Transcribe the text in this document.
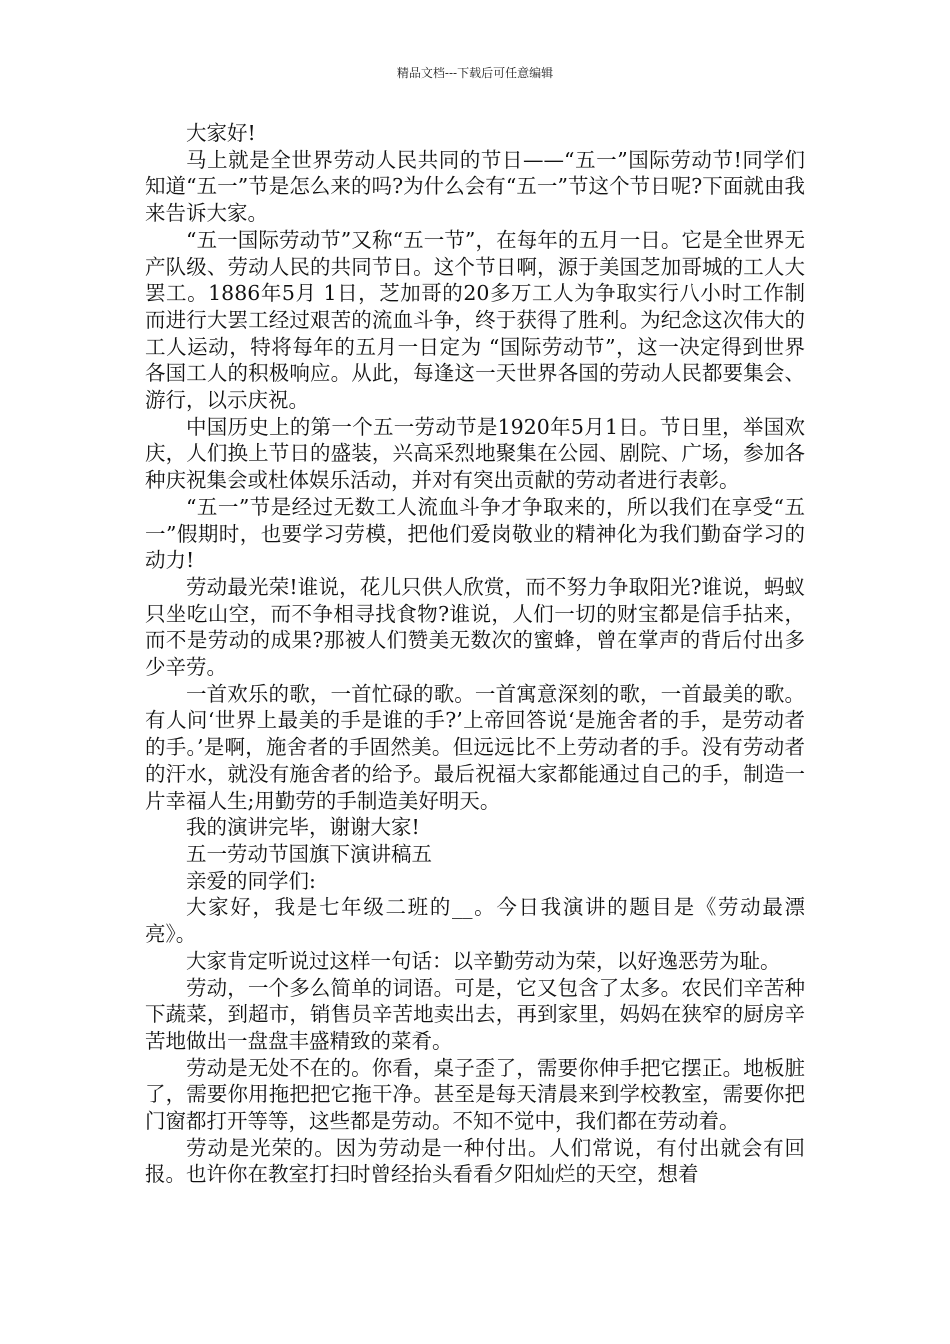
精品文档---下载后可任意编辑

大家好!

马上就是全世界劳动人民共同的节日——“五一”国际劳动节!同学们知道“五一”节是怎么来的吗?为什么会有“五一”节这个节日呢?下面就由我来告诉大家。

“五一国际劳动节”又称“五一节”，在每年的五月一日。它是全世界无产队级、劳动人民的共同节日。这个节日啊，源于美国芝加哥城的工人大罢工。1886年5月 1日，芝加哥的20多万工人为争取实行八小时工作制而进行大罢工经过艰苦的流血斗争，终于获得了胜利。为纪念这次伟大的工人运动，特将每年的五月一日定为 “国际劳动节”，这一决定得到世界各国工人的积极响应。从此，每逢这一天世界各国的劳动人民都要集会、游行，以示庆祝。

中国历史上的第一个五一劳动节是1920年5月1日。节日里，举国欢庆，人们换上节日的盛装，兴高采烈地聚集在公园、剧院、广场，参加各种庆祝集会或杜体娱乐活动，并对有突出贡献的劳动者进行表彰。

“五一”节是经过无数工人流血斗争才争取来的，所以我们在享受“五一”假期时，也要学习劳模，把他们爱岗敬业的精神化为我们勤奋学习的动力!

劳动最光荣!谁说，花儿只供人欣赏，而不努力争取阳光?谁说，蚂蚁只坐吃山空，而不争相寻找食物?谁说，人们一切的财宝都是信手拈来，而不是劳动的成果?那被人们赞美无数次的蜜蜂，曾在掌声的背后付出多少辛劳。

一首欢乐的歌，一首忙碌的歌。一首寓意深刻的歌，一首最美的歌。有人问‘世界上最美的手是谁的手?’上帝回答说‘是施舍者的手，是劳动者的手。’是啊，施舍者的手固然美。但远远比不上劳动者的手。没有劳动者的汗水，就没有施舍者的给予。最后祝福大家都能通过自己的手，制造一片幸福人生;用勤劳的手制造美好明天。

我的演讲完毕，谢谢大家!

五一劳动节国旗下演讲稿五

亲爱的同学们:

大家好，我是七年级二班的__。今日我演讲的题目是《劳动最漂亮》。

大家肯定听说过这样一句话：以辛勤劳动为荣，以好逸恶劳为耻。

劳动，一个多么简单的词语。可是，它又包含了太多。农民们辛苦种下蔬菜，到超市，销售员辛苦地卖出去，再到家里，妈妈在狭窄的厨房辛苦地做出一盘盘丰盛精致的菜肴。

劳动是无处不在的。你看，桌子歪了，需要你伸手把它摆正。地板脏了，需要你用拖把把它拖干净。甚至是每天清晨来到学校教室，需要你把门窗都打开等等，这些都是劳动。不知不觉中，我们都在劳动着。

劳动是光荣的。因为劳动是一种付出。人们常说，有付出就会有回报。也许你在教室打扫时曾经抬头看看夕阳灿烂的天空，想着
